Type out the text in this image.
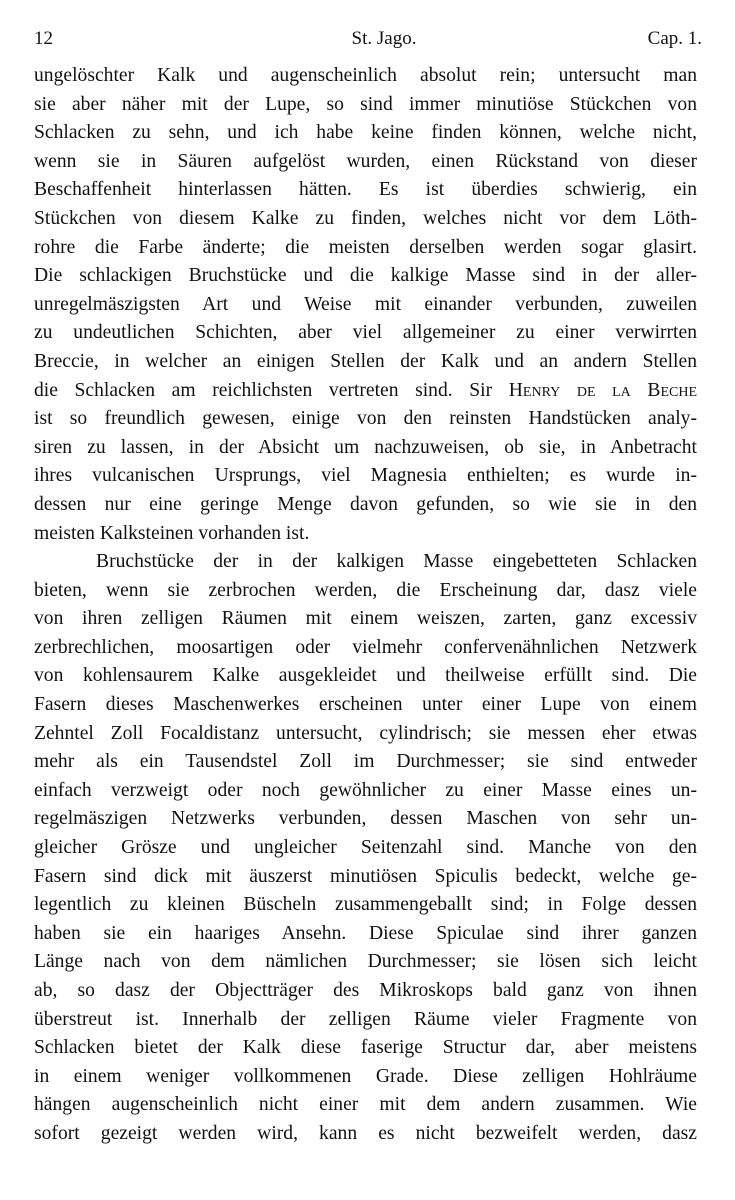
12	St. Jago.	Cap. 1.
ungelöschter Kalk und augenscheinlich absolut rein; untersucht man
sie aber näher mit der Lupe, so sind immer minutiöse Stückchen von
Schlacken zu sehn, und ich habe keine finden können, welche nicht,
wenn sie in Säuren aufgelöst wurden, einen Rückstand von dieser
Beschaffenheit hinterlassen hätten. Es ist überdies schwierig, ein
Stückchen von diesem Kalke zu finden, welches nicht vor dem Löth-
rohre die Farbe änderte; die meisten derselben werden sogar glasirt.
Die schlackigen Bruchstücke und die kalkige Masse sind in der aller-
unregelmäszigsten Art und Weise mit einander verbunden, zuweilen
zu undeutlichen Schichten, aber viel allgemeiner zu einer verwirrten
Breccie, in welcher an einigen Stellen der Kalk und an andern Stellen
die Schlacken am reichlichsten vertreten sind. Sir Henry de la Beche
ist so freundlich gewesen, einige von den reinsten Handstücken analy-
siren zu lassen, in der Absicht um nachzuweisen, ob sie, in Anbetracht
ihres vulcanischen Ursprungs, viel Magnesia enthielten; es wurde in-
dessen nur eine geringe Menge davon gefunden, so wie sie in den
meisten Kalksteinen vorhanden ist.
Bruchstücke der in der kalkigen Masse eingebetteten Schlacken
bieten, wenn sie zerbrochen werden, die Erscheinung dar, dasz viele
von ihren zelligen Räumen mit einem weiszen, zarten, ganz excessiv
zerbrechlichen, moosartigen oder vielmehr confervenähnlichen Netzwerk
von kohlensaurem Kalke ausgekleidet und theilweise erfüllt sind. Die
Fasern dieses Maschenwerkes erscheinen unter einer Lupe von einem
Zehntel Zoll Focaldistanz untersucht, cylindrisch; sie messen eher etwas
mehr als ein Tausendstel Zoll im Durchmesser; sie sind entweder
einfach verzweigt oder noch gewöhnlicher zu einer Masse eines un-
regelmäszigen Netzwerks verbunden, dessen Maschen von sehr un-
gleicher Grösze und ungleicher Seitenzahl sind. Manche von den
Fasern sind dick mit äuszerst minutiösen Spiculis bedeckt, welche ge-
legentlich zu kleinen Büscheln zusammengeballt sind; in Folge dessen
haben sie ein haariges Ansehn. Diese Spiculae sind ihrer ganzen
Länge nach von dem nämlichen Durchmesser; sie lösen sich leicht
ab, so dasz der Objectträger des Mikroskops bald ganz von ihnen
überstreut ist. Innerhalb der zelligen Räume vieler Fragmente von
Schlacken bietet der Kalk diese faserige Structur dar, aber meistens
in einem weniger vollkommenen Grade. Diese zelligen Hohlräume
hängen augenscheinlich nicht einer mit dem andern zusammen. Wie
sofort gezeigt werden wird, kann es nicht bezweifelt werden, dasz
